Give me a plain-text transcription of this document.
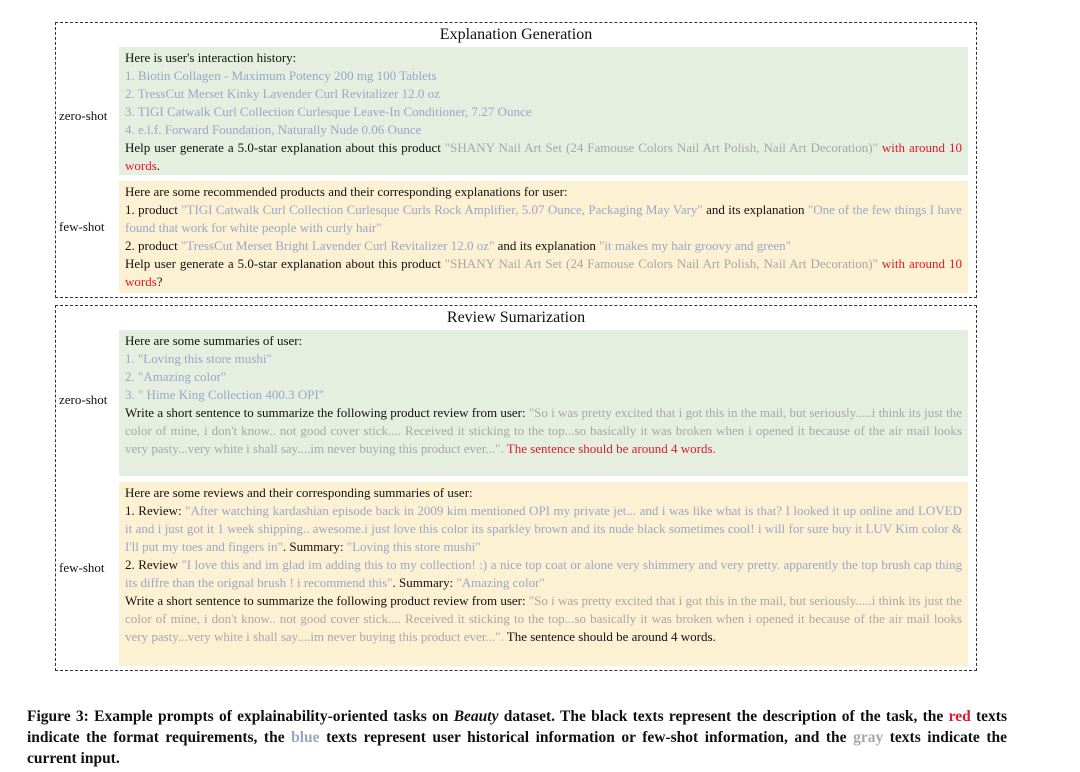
Explanation Generation
zero-shot
few-shot
Here is user's interaction history:
1. Biotin Collagen - Maximum Potency 200 mg 100 Tablets
2. TressCut Merset Kinky Lavender Curl Revitalizer 12.0 oz
3. TIGI Catwalk Curl Collection Curlesque Leave-In Conditioner, 7.27 Ounce
4. e.l.f. Forward Foundation, Naturally Nude 0.06 Ounce
Help user generate a 5.0-star explanation about this product "SHANY Nail Art Set (24 Famouse Colors Nail Art Polish, Nail Art Decoration)" with around 10 words.
Here are some recommended products and their corresponding explanations for user:
1. product "TIGI Catwalk Curl Collection Curlesque Curls Rock Amplifier, 5.07 Ounce, Packaging May Vary" and its explanation "One of the few things I have found that work for white people with curly hair"
2. product "TressCut Merset Bright Lavender Curl Revitalizer 12.0 oz" and its explanation "it makes my hair groovy and green"
Help user generate a 5.0-star explanation about this product "SHANY Nail Art Set (24 Famouse Colors Nail Art Polish, Nail Art Decoration)" with around 10 words?
Review Sumarization
zero-shot
few-shot
Here are some summaries of user:
1. "Loving this store mushi"
2. "Amazing color"
3. " Hime King Collection 400.3 OPI"
Write a short sentence to summarize the following product review from user: "So i was pretty excited that i got this in the mail, but seriously.....i think its just the color of mine, i don't know.. not good cover stick.... Received it sticking to the top...so basically it was broken when i opened it because of the air mail looks very pasty...very white i shall say....im never buying this product ever...". The sentence should be around 4 words.
Here are some reviews and their corresponding summaries of user:
1. Review: "After watching kardashian episode back in 2009 kim mentioned OPI my private jet... and i was like what is that? I looked it up online and LOVED it and i just got it 1 week shipping.. awesome.i just love this color its sparkley brown and its nude black sometimes cool! i will for sure buy it LUV Kim color & I'll put my toes and fingers in". Summary: "Loving this store mushi"
2. Review "I love this and im glad im adding this to my collection! :) a nice top coat or alone very shimmery and very pretty. apparently the top brush cap thing its diffre than the orignal brush ! i recommend this". Summary: "Amazing color"
Write a short sentence to summarize the following product review from user: "So i was pretty excited that i got this in the mail, but seriously.....i think its just the color of mine, i don't know.. not good cover stick.... Received it sticking to the top...so basically it was broken when i opened it because of the air mail looks very pasty...very white i shall say....im never buying this product ever...". The sentence should be around 4 words.
Figure 3: Example prompts of explainability-oriented tasks on Beauty dataset. The black texts represent the description of the task, the red texts indicate the format requirements, the blue texts represent user historical information or few-shot information, and the gray texts indicate the current input.
